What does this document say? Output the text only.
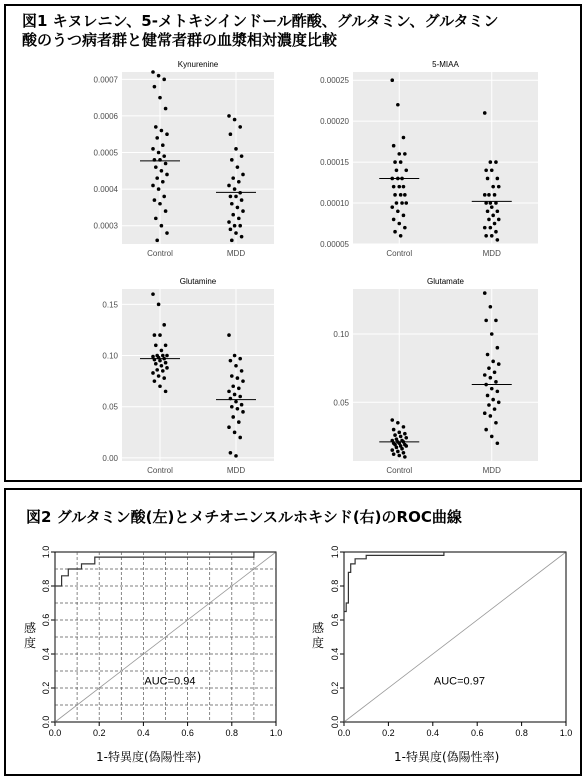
図1 キヌレニン、5-メトキシインドール酢酸、グルタミン、グルタミン
酸のうつ病者群と健常者群の血漿相対濃度比較
0.0003
0.0004
0.0005
0.0006
0.0007
Kynurenine
Control	MDD
0.00005
0.00010
0.00015
0.00020
0.00025
5-MIAA
Control	MDD
0.00
0.05
0.10
0.15
Glutamine
Control	MDD
0.05
0.10
Glutamate
Control	MDD
図2 グルタミン酸(左)とメチオニンスルホキシド(右)のROC曲線
感度
感度
1-特異度(偽陽性率)	1-特異度(偽陽性率)
0.0	0.2	0.4	0.6	0.8	1.0
0.0
0.2
0.4
0.6
0.8
1.0
AUC=0.94
0.0	0.2	0.4	0.6	0.8	1.0
0.0
0.2
0.4
0.6
0.8
1.0
AUC=0.97
